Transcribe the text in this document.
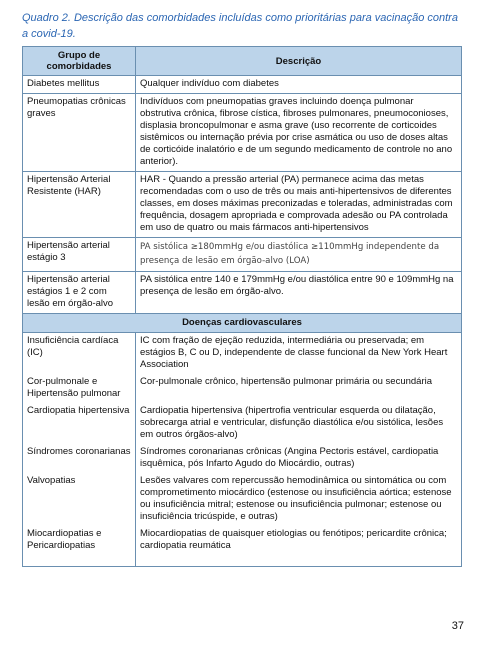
Quadro 2. Descrição das comorbidades incluídas como prioritárias para vacinação contra a covid-19.
Grupo de comorbidades	Descrição
Diabetes mellitus	Qualquer indivíduo com diabetes
Pneumopatias crônicas graves	Indivíduos com pneumopatias graves incluindo doença pulmonar obstrutiva crônica, fibrose cística, fibroses pulmonares, pneumoconioses, displasia broncopulmonar e asma grave (uso recorrente de corticoides sistêmicos ou internação prévia por crise asmática ou uso de doses altas de corticóide inalatório e de um segundo medicamento de controle no ano anterior).
Hipertensão Arterial Resistente (HAR)	HAR - Quando a pressão arterial (PA) permanece acima das metas recomendadas com o uso de três ou mais anti-hipertensivos de diferentes classes, em doses máximas preconizadas e toleradas, administradas com frequência, dosagem apropriada e comprovada adesão ou PA controlada em uso de quatro ou mais fármacos anti-hipertensivos
Hipertensão arterial estágio 3	PA sistólica ≥180mmHg e/ou diastólica ≥110mmHg independente da presença de lesão em órgão-alvo (LOA)
Hipertensão arterial estágios 1 e 2 com lesão em órgão-alvo	PA sistólica entre 140 e 179mmHg e/ou diastólica entre 90 e 109mmHg na presença de lesão em órgão-alvo.
Doenças cardiovasculares	
Insuficiência cardíaca (IC)	IC com fração de ejeção reduzida, intermediária ou preservada; em estágios B, C ou D, independente de classe funcional da New York Heart Association
Cor-pulmonale e Hipertensão pulmonar	Cor-pulmonale crônico, hipertensão pulmonar primária ou secundária
Cardiopatia hipertensiva	Cardiopatia hipertensiva (hipertrofia ventricular esquerda ou dilatação, sobrecarga atrial e ventricular, disfunção diastólica e/ou sistólica, lesões em outros órgãos-alvo)
Síndromes coronarianas	Síndromes coronarianas crônicas (Angina Pectoris estável, cardiopatia isquêmica, pós Infarto Agudo do Miocárdio, outras)
Valvopatias	Lesões valvares com repercussão hemodinâmica ou sintomática ou com comprometimento miocárdico (estenose ou insuficiência aórtica; estenose ou insuficiência mitral; estenose ou insuficiência pulmonar; estenose ou insuficiência tricúspide, e outras)
Miocardiopatias e Pericardiopatias	Miocardiopatias de quaisquer etiologias ou fenótipos; pericardite crônica; cardiopatia reumática
37
